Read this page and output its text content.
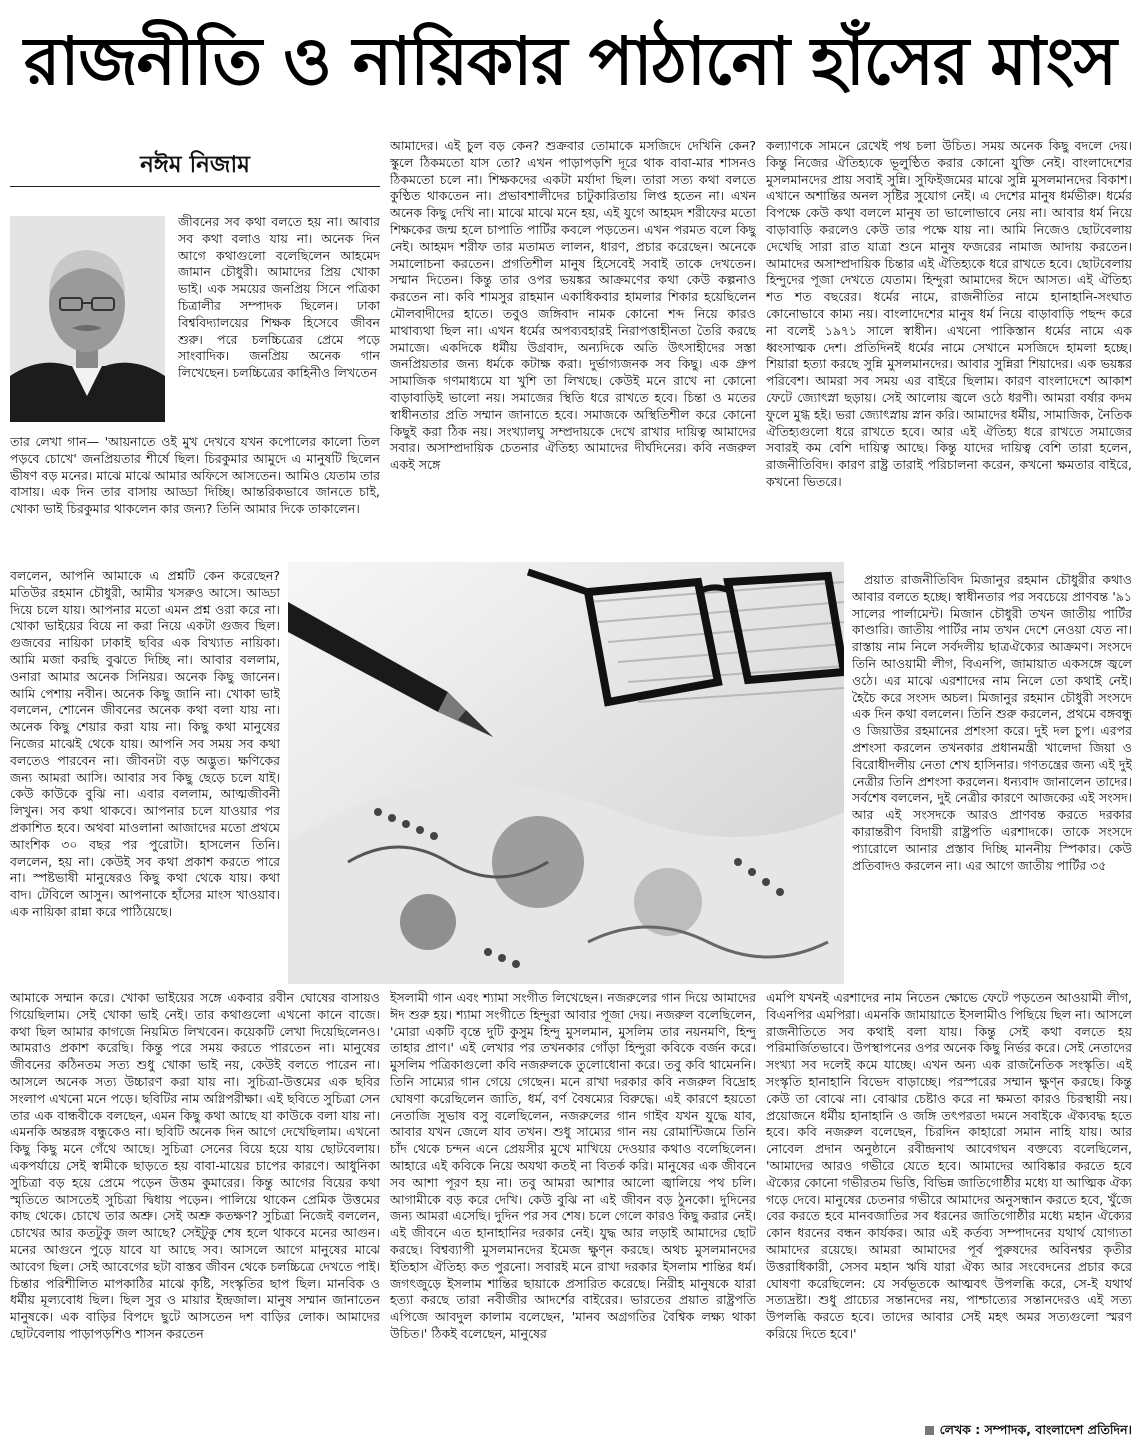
রাজনীতি ও নায়িকার পাঠানো হাঁসের মাংস
নঈম নিজাম

জীবনের সব কথা বলতে হয় না। আবার সব কথা বলাও যায় না। অনেক দিন আগে কথাগুলো বলেছিলেন আহমেদ জামান চৌধুরী। আমাদের প্রিয় খোকা ভাই। এক সময়ের জনপ্রিয় সিনে পত্রিকা চিত্রালীর সম্পাদক ছিলেন। ঢাকা বিশ্ববিদ্যালয়ের শিক্ষক হিসেবে জীবন শুরু। পরে চলচ্চিত্রের প্রেমে পড়ে সাংবাদিক। জনপ্রিয় অনেক গান লিখেছেন। চলচ্চিত্রের কাহিনীও লিখতেন

তার লেখা গান— 'আয়নাতে ওই মুখ দেখবে যখন কপোলের কালো তিল পড়বে চোখে' জনপ্রিয়তার শীর্ষে ছিল। চিরকুমার আমুদে এ মানুষটি ছিলেন ভীষণ বড় মনের। মাঝে মাঝে আমার অফিসে আসতেন। আমিও যেতাম তার বাসায়। এক দিন তার বাসায় আড্ডা দিচ্ছি। আন্তরিকভাবে জানতে চাই, খোকা ভাই চিরকুমার থাকলেন কার জন্য? তিনি আমার দিকে তাকালেন।

বললেন, আপনি আমাকে এ প্রশ্নটি কেন করেছেন? মতিউর রহমান চৌধুরী, আমীর খসরুও আসে। আড্ডা দিয়ে চলে যায়। আপনার মতো এমন প্রশ্ন ওরা করে না। খোকা ভাইয়ের বিয়ে না করা নিয়ে একটা গুজব ছিল। গুজবের নায়িকা ঢাকাই ছবির এক বিখ্যাত নায়িকা। আমি মজা করছি বুঝতে দিচ্ছি না। আবার বললাম, ওনারা আমার অনেক সিনিয়র। অনেক কিছু জানেন। আমি পেশায় নবীন। অনেক কিছু জানি না। খোকা ভাই বললেন, শোনেন জীবনের অনেক কথা বলা যায় না। অনেক কিছু শেয়ার করা যায় না। কিছু কথা মানুষের নিজের মাঝেই থেকে যায়। আপনি সব সময় সব কথা বলতেও পারবেন না। জীবনটা বড় অদ্ভুত। ক্ষণিকের জন্য আমরা আসি। আবার সব কিছু ছেড়ে চলে যাই। কেউ কাউকে বুঝি না। এবার বললাম, আত্মজীবনী লিখুন। সব কথা থাকবে। আপনার চলে যাওয়ার পর প্রকাশিত হবে। অথবা মাওলানা আজাদের মতো প্রথমে আংশিক ৩০ বছর পর পুরোটা। হাসলেন তিনি। বললেন, হয় না। কেউই সব কথা প্রকাশ করতে পারে না। স্পষ্টভাষী মানুষেরও কিছু কথা থেকে যায়। কথা বাদ। টেবিলে আসুন। আপনাকে হাঁসের মাংস খাওয়াব। এক নায়িকা রান্না করে পাঠিয়েছে।

আমাকে সম্মান করে। খোকা ভাইয়ের সঙ্গে একবার রবীন ঘোষের বাসায়ও গিয়েছিলাম। সেই খোকা ভাই নেই। তার কথাগুলো এখনো কানে বাজে। কথা ছিল আমার কাগজে নিয়মিত লিখবেন। কয়েকটি লেখা দিয়েছিলেনও। আমরাও প্রকাশ করেছি। কিন্তু পরে সময় করতে পারতেন না। মানুষের জীবনের কঠিনতম সত্য শুধু খোকা ভাই নয়, কেউই বলতে পারেন না। আসলে অনেক সত্য উচ্চারণ করা যায় না। সুচিত্রা-উত্তমের এক ছবির সংলাপ এখনো মনে পড়ে। ছবিটির নাম অগ্নিপরীক্ষা। এই ছবিতে সুচিত্রা সেন তার এক বান্ধবীকে বলছেন, এমন কিছু কথা আছে যা কাউকে বলা যায় না। এমনকি অন্তরঙ্গ বন্ধুকেও না। ছবিটি অনেক দিন আগে দেখেছিলাম। এখনো কিছু কিছু মনে গেঁথে আছে। সুচিত্রা সেনের বিয়ে হয়ে যায় ছোটবেলায়। একপর্যায়ে সেই স্বামীকে ছাড়তে হয় বাবা-মায়ের চাপের কারণে। আধুনিকা সুচিত্রা বড় হয়ে প্রেমে পড়েন উত্তম কুমারের। কিন্তু আগের বিয়ের কথা স্মৃতিতে আসতেই সুচিত্রা দ্বিধায় পড়েন। পালিয়ে থাকেন প্রেমিক উত্তমের কাছ থেকে। চোখে তার অশ্রু। সেই অশ্রু কতক্ষণ? সুচিত্রা নিজেই বললেন, চোখের আর কতটুকু জল আছে? সেইটুকু শেষ হলে থাকবে মনের আগুন। মনের আগুনে পুড়ে যাবে যা আছে সব। আসলে আগে মানুষের মাঝে আবেগ ছিল। সেই আবেগের ছটা বাস্তব জীবন থেকে চলচ্চিত্রে দেখতে পাই। চিন্তার পরিশীলিত মাপকাঠির মাঝে কৃষ্টি, সংস্কৃতির ছাপ ছিল। মানবিক ও ধর্মীয় মূল্যবোধ ছিল। ছিল সুর ও মায়ার ইন্দ্রজাল। মানুষ সম্মান জানাতেন মানুষকে। এক বাড়ির বিপদে ছুটে আসতেন দশ বাড়ির লোক। আমাদের ছোটবেলায় পাড়াপড়শিও শাসন করতেন

আমাদের। এই চুল বড় কেন? শুক্রবার তোমাকে মসজিদে দেখিনি কেন? স্কুলে ঠিকমতো যাস তো? এখন পাড়াপড়শি দূরে থাক বাবা-মার শাসনও ঠিকমতো চলে না। শিক্ষকদের একটা মর্যাদা ছিল। তারা সত্য কথা বলতে কুণ্ঠিত থাকতেন না। প্রভাবশালীদের চাটুকারিতায় লিপ্ত হতেন না। এখন অনেক কিছু দেখি না। মাঝে মাঝে মনে হয়, এই যুগে আহমদ শরীফের মতো শিক্ষকের জন্ম হলে চাপাতি পার্টির কবলে পড়তেন। এখন পরমত বলে কিছু নেই। আহমদ শরীফ তার মতামত লালন, ধারণ, প্রচার করেছেন। অনেকে সমালোচনা করতেন। প্রগতিশীল মানুষ হিসেবেই সবাই তাকে দেখতেন। সম্মান দিতেন। কিন্তু তার ওপর ভয়ঙ্কর আক্রমণের কথা কেউ কল্পনাও করতেন না। কবি শামসুর রাহমান একাধিকবার হামলার শিকার হয়েছিলেন মৌলবাদীদের হাতে। তবুও জঙ্গিবাদ নামক কোনো শব্দ নিয়ে কারও মাথাব্যথা ছিল না। এখন ধর্মের অপব্যবহারই নিরাপত্তাহীনতা তৈরি করছে সমাজে। একদিকে ধর্মীয় উগ্রবাদ, অন্যদিকে অতি উৎসাহীদের সস্তা জনপ্রিয়তার জন্য ধর্মকে কটাক্ষ করা। দুর্ভাগ্যজনক সব কিছু। এক গ্রুপ সামাজিক গণমাধ্যমে যা খুশি তা লিখছে। কেউই মনে রাখে না কোনো বাড়াবাড়িই ভালো নয়। সমাজের স্থিতি ধরে রাখতে হবে। চিন্তা ও মতের স্বাধীনতার প্রতি সম্মান জানাতে হবে। সমাজকে অস্থিতিশীল করে কোনো কিছুই করা ঠিক নয়। সংখ্যালঘু সম্প্রদায়কে দেখে রাখার দায়িত্ব আমাদের সবার। অসাম্প্রদায়িক চেতনার ঐতিহ্য আমাদের দীর্ঘদিনের। কবি নজরুল একই সঙ্গে

ইসলামী গান এবং শ্যামা সংগীত লিখেছেন। নজরুলের গান দিয়ে আমাদের ঈদ শুরু হয়। শ্যামা সংগীতে হিন্দুরা আবার পূজা দেয়। নজরুল বলেছিলেন, 'মোরা একটি বৃন্তে দুটি কুসুম হিন্দু মুসলমান, মুসলিম তার নয়নমণি, হিন্দু তাহার প্রাণ।' এই লেখার পর তখনকার গোঁড়া হিন্দুরা কবিকে বর্জন করে। মুসলিম পত্রিকাগুলো কবি নজরুলকে তুলোধোনা করে। তবু কবি থামেননি। তিনি সাম্যের গান গেয়ে গেছেন। মনে রাখা দরকার কবি নজরুল বিদ্রোহ ঘোষণা করেছিলেন জাতি, ধর্ম, বর্ণ বৈষম্যের বিরুদ্ধে। এই কারণে হয়তো নেতাজি সুভাষ বসু বলেছিলেন, নজরুলের গান গাইব যখন যুদ্ধে যাব, আবার যখন জেলে যাব তখন। শুধু সাম্যের গান নয় রোমান্টিজমে তিনি চাঁদ থেকে চন্দন এনে প্রেয়সীর মুখে মাখিয়ে দেওয়ার কথাও বলেছিলেন। আহারে এই কবিকে নিয়ে অযথা কতই না বিতর্ক করি। মানুষের এক জীবনে সব আশা পূরণ হয় না। তবু আমরা আশার আলো জ্বালিয়ে পথ চলি। আগামীকে বড় করে দেখি। কেউ বুঝি না এই জীবন বড় ঠুনকো। দুদিনের জন্য আমরা এসেছি। দুদিন পর সব শেষ। চলে গেলে কারও কিছু করার নেই। এই জীবনে এত হানাহানির দরকার নেই। যুদ্ধ আর লড়াই আমাদের ছোট করছে। বিশ্বব্যাপী মুসলমানদের ইমেজ ক্ষুণ্ন করছে। অথচ মুসলমানদের ইতিহাস ঐতিহ্য কত পুরনো। সবারই মনে রাখা দরকার ইসলাম শান্তির ধর্ম। জগৎজুড়ে ইসলাম শান্তির ছায়াকে প্রসারিত করেছে। নিরীহ মানুষকে যারা হত্যা করছে তারা নবীজীর আদর্শের বাইরের। ভারতের প্রয়াত রাষ্ট্রপতি এপিজে আবদুল কালাম বলেছেন, 'মানব অগ্রগতির বৈশ্বিক লক্ষ্য থাকা উচিত।' ঠিকই বলেছেন, মানুষের

কল্যাণকে সামনে রেখেই পথ চলা উচিত। সময় অনেক কিছু বদলে দেয়। কিন্তু নিজের ঐতিহ্যকে ভূলুণ্ঠিত করার কোনো যুক্তি নেই। বাংলাদেশের মুসলমানদের প্রায় সবাই সুন্নি। সুফিইজমের মাঝে সুন্নি মুসলমানদের বিকাশ। এখানে অশান্তির অনল সৃষ্টির সুযোগ নেই। এ দেশের মানুষ ধর্মভীরু। ধর্মের বিপক্ষে কেউ কথা বললে মানুষ তা ভালোভাবে নেয় না। আবার ধর্ম নিয়ে বাড়াবাড়ি করলেও কেউ তার পক্ষে যায় না। আমি নিজেও ছোটবেলায় দেখেছি সারা রাত যাত্রা শুনে মানুষ ফজরের নামাজ আদায় করতেন। আমাদের অসাম্প্রদায়িক চিন্তার এই ঐতিহ্যকে ধরে রাখতে হবে। ছোটবেলায় হিন্দুদের পূজা দেখতে যেতাম। হিন্দুরা আমাদের ঈদে আসত। এই ঐতিহ্য শত শত বছরের। ধর্মের নামে, রাজনীতির নামে হানাহানি-সংঘাত কোনোভাবে কাম্য নয়। বাংলাদেশের মানুষ ধর্ম নিয়ে বাড়াবাড়ি পছন্দ করে না বলেই ১৯৭১ সালে স্বাধীন। এখনো পাকিস্তান ধর্মের নামে এক ধ্বংসাত্মক দেশ। প্রতিদিনই ধর্মের নামে সেখানে মসজিদে হামলা হচ্ছে। শিয়ারা হত্যা করছে সুন্নি মুসলমানদের। আবার সুন্নিরা শিয়াদের। এক ভয়ঙ্কর পরিবেশ। আমরা সব সময় এর বাইরে ছিলাম। কারণ বাংলাদেশে আকাশ ফেটে জ্যোৎস্না ছড়ায়। সেই আলোয় জ্বলে ওঠে ধরণী। আমরা বর্ষার কদম ফুলে মুগ্ধ হই। ভরা জ্যোৎস্নায় স্নান করি। আমাদের ধর্মীয়, সামাজিক, নৈতিক ঐতিহ্যগুলো ধরে রাখতে হবে। আর এই ঐতিহ্য ধরে রাখতে সমাজের সবারই কম বেশি দায়িত্ব আছে। কিন্তু যাদের দায়িত্ব বেশি তারা হলেন, রাজনীতিবিদ। কারণ রাষ্ট্র তারাই পরিচালনা করেন, কখনো ক্ষমতার বাইরে, কখনো ভিতরে।

প্রয়াত রাজনীতিবিদ মিজানুর রহমান চৌধুরীর কথাও আবার বলতে হচ্ছে। স্বাধীনতার পর সবচেয়ে প্রাণবন্ত '৯১ সালের পার্লামেন্ট। মিজান চৌধুরী তখন জাতীয় পার্টির কাণ্ডারি। জাতীয় পার্টির নাম তখন দেশে নেওয়া যেত না। রাস্তায় নাম নিলে সর্বদলীয় ছাত্রঐক্যের আক্রমণ। সংসদে তিনি আওয়ামী লীগ, বিএনপি, জামায়াত একসঙ্গে জ্বলে ওঠে। এর মাঝে এরশাদের নাম নিলে তো কথাই নেই। হৈচৈ করে সংসদ অচল। মিজানুর রহমান চৌধুরী সংসদে এক দিন কথা বললেন। তিনি শুরু করলেন, প্রথমে বঙ্গবন্ধু ও জিয়াউর রহমানের প্রশংসা করে। দুই দল চুপ। এরপর প্রশংসা করলেন তখনকার প্রধানমন্ত্রী খালেদা জিয়া ও বিরোধীদলীয় নেতা শেখ হাসিনার। গণতন্ত্রের জন্য এই দুই নেত্রীর তিনি প্রশংসা করলেন। ধন্যবাদ জানালেন তাদের। সর্বশেষ বললেন, দুই নেত্রীর কারণে আজকের এই সংসদ। আর এই সংসদকে আরও প্রাণবন্ত করতে দরকার কারান্তরীণ বিদায়ী রাষ্ট্রপতি এরশাদকে। তাকে সংসদে প্যারোলে আনার প্রস্তাব দিচ্ছি মাননীয় স্পিকার। কেউ প্রতিবাদও করলেন না। এর আগে জাতীয় পার্টির ৩৫

এমপি যখনই এরশাদের নাম নিতেন ক্ষোভে ফেটে পড়তেন আওয়ামী লীগ, বিএনপির এমপিরা। এমনকি জামায়াতে ইসলামীও পিছিয়ে ছিল না। আসলে রাজনীতিতে সব কথাই বলা যায়। কিন্তু সেই কথা বলতে হয় পরিমার্জিতভাবে। উপস্থাপনের ওপর অনেক কিছু নির্ভর করে। সেই নেতাদের সংখ্যা সব দলেই কমে যাচ্ছে। এখন অন্য এক রাজনৈতিক সংস্কৃতি। এই সংস্কৃতি হানাহানি বিভেদ বাড়াচ্ছে। পরস্পরের সম্মান ক্ষুণ্ন করছে। কিন্তু কেউ তা বোঝে না। বোঝার চেষ্টাও করে না ক্ষমতা কারও চিরস্থায়ী নয়। প্রয়োজনে ধর্মীয় হানাহানি ও জঙ্গি তৎপরতা দমনে সবাইকে ঐক্যবদ্ধ হতে হবে। কবি নজরুল বলেছেন, চিরদিন কাহারো সমান নাহি যায়। আর নোবেল প্রদান অনুষ্ঠানে রবীন্দ্রনাথ আবেগঘন বক্তব্যে বলেছিলেন, 'আমাদের আরও গভীরে যেতে হবে। আমাদের আবিষ্কার করতে হবে ঐক্যের কোনো গভীরতম ভিত্তি, বিভিন্ন জাতিগোষ্ঠীর মধ্যে যা আত্মিক ঐক্য গড়ে দেবে। মানুষের চেতনার গভীরে আমাদের অনুসন্ধান করতে হবে, খুঁজে বের করতে হবে মানবজাতির সব ধরনের জাতিগোষ্ঠীর মধ্যে মহান ঐক্যের কোন ধরনের বন্ধন কার্যকর। আর এই কর্তব্য সম্পাদনের যথার্থ যোগ্যতা আমাদের রয়েছে। আমরা আমাদের পূর্ব পুরুষদের অবিনশ্বর কৃতীর উত্তরাধিকারী, সেসব মহান ঋষি যারা ঐক্য আর সংবেদনের প্রচার করে ঘোষণা করেছিলেন: যে সর্বভূতকে আত্মবৎ উপলব্ধি করে, সে-ই যথার্থ সত্যদ্রষ্টা। শুধু প্রাচ্যের সন্তানদের নয়, পাশ্চাত্যের সন্তানদেরও এই সত্য উপলব্ধি করতে হবে। তাদের আবার সেই মহৎ অমর সত্যগুলো স্মরণ করিয়ে দিতে হবে।'

লেখক : সম্পাদক, বাংলাদেশ প্রতিদিন।
